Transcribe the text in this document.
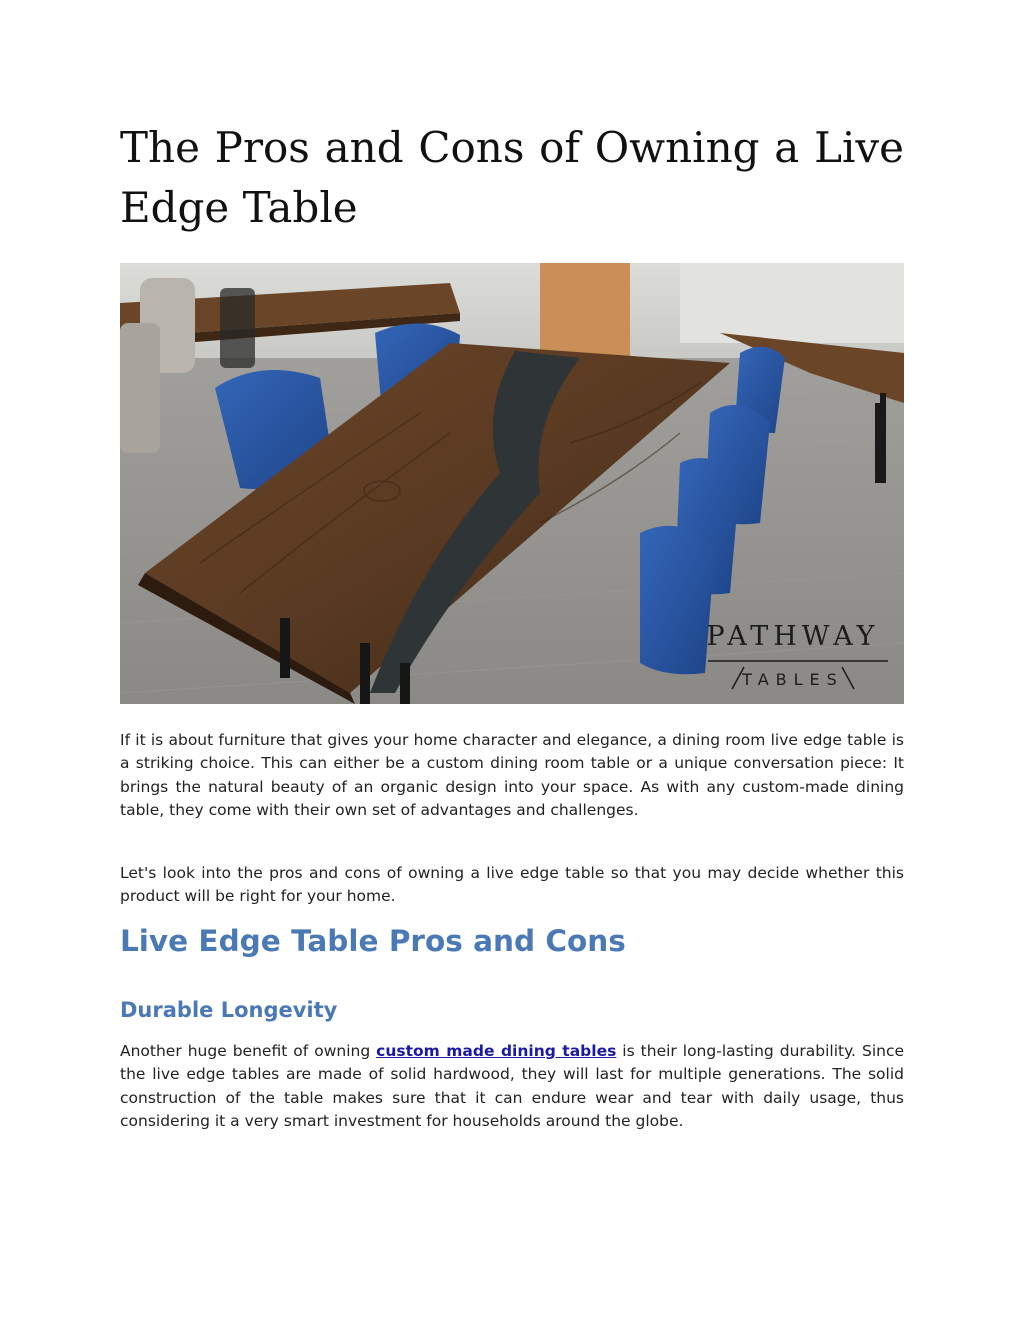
The Pros and Cons of Owning a Live Edge Table
PATHWAY
TABLES

If it is about furniture that gives your home character and elegance, a dining room live edge table is a striking choice. This can either be a custom dining room table or a unique conversation piece: It brings the natural beauty of an organic design into your space. As with any custom-made dining table, they come with their own set of advantages and challenges.

Let's look into the pros and cons of owning a live edge table so that you may decide whether this product will be right for your home.

Live Edge Table Pros and Cons
Durable Longevity

Another huge benefit of owning custom made dining tables is their long-lasting durability. Since the live edge tables are made of solid hardwood, they will last for multiple generations. The solid construction of the table makes sure that it can endure wear and tear with daily usage, thus considering it a very smart investment for households around the globe.
